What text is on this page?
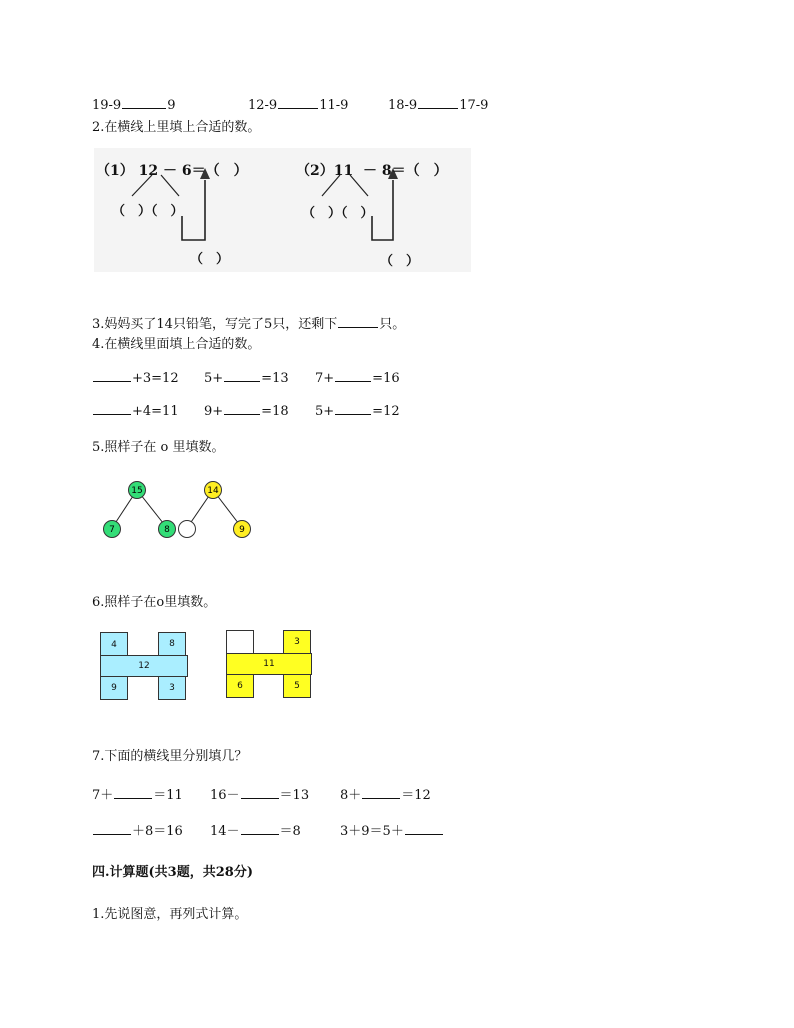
19-9	9	12-9	11-9	18-9	17-9
2.在横线上里填上合适的数。
（1） 12 － 6＝（　）
（　）（　）
（　）
（2）11 － 8＝（　）
（　）（　）
（　）
3.妈妈买了14只铅笔，写完了5只，还剩下	只。
4.在横线里面填上合适的数。
+3=12 5+	=13 7+	=16
+4=11 9+	=18 5+	=12
5.照样子在 o 里填数。
15
7	8
14
9
6.照样子在o里填数。
4	8
12
9	3
3
11
6	5
7.下面的横线里分别填几？
7＋	＝11 16－	＝13 8＋	＝12
＋8＝16 14－	＝8	3＋9＝5＋
四.计算题(共3题，共28分)
1.先说图意，再列式计算。
